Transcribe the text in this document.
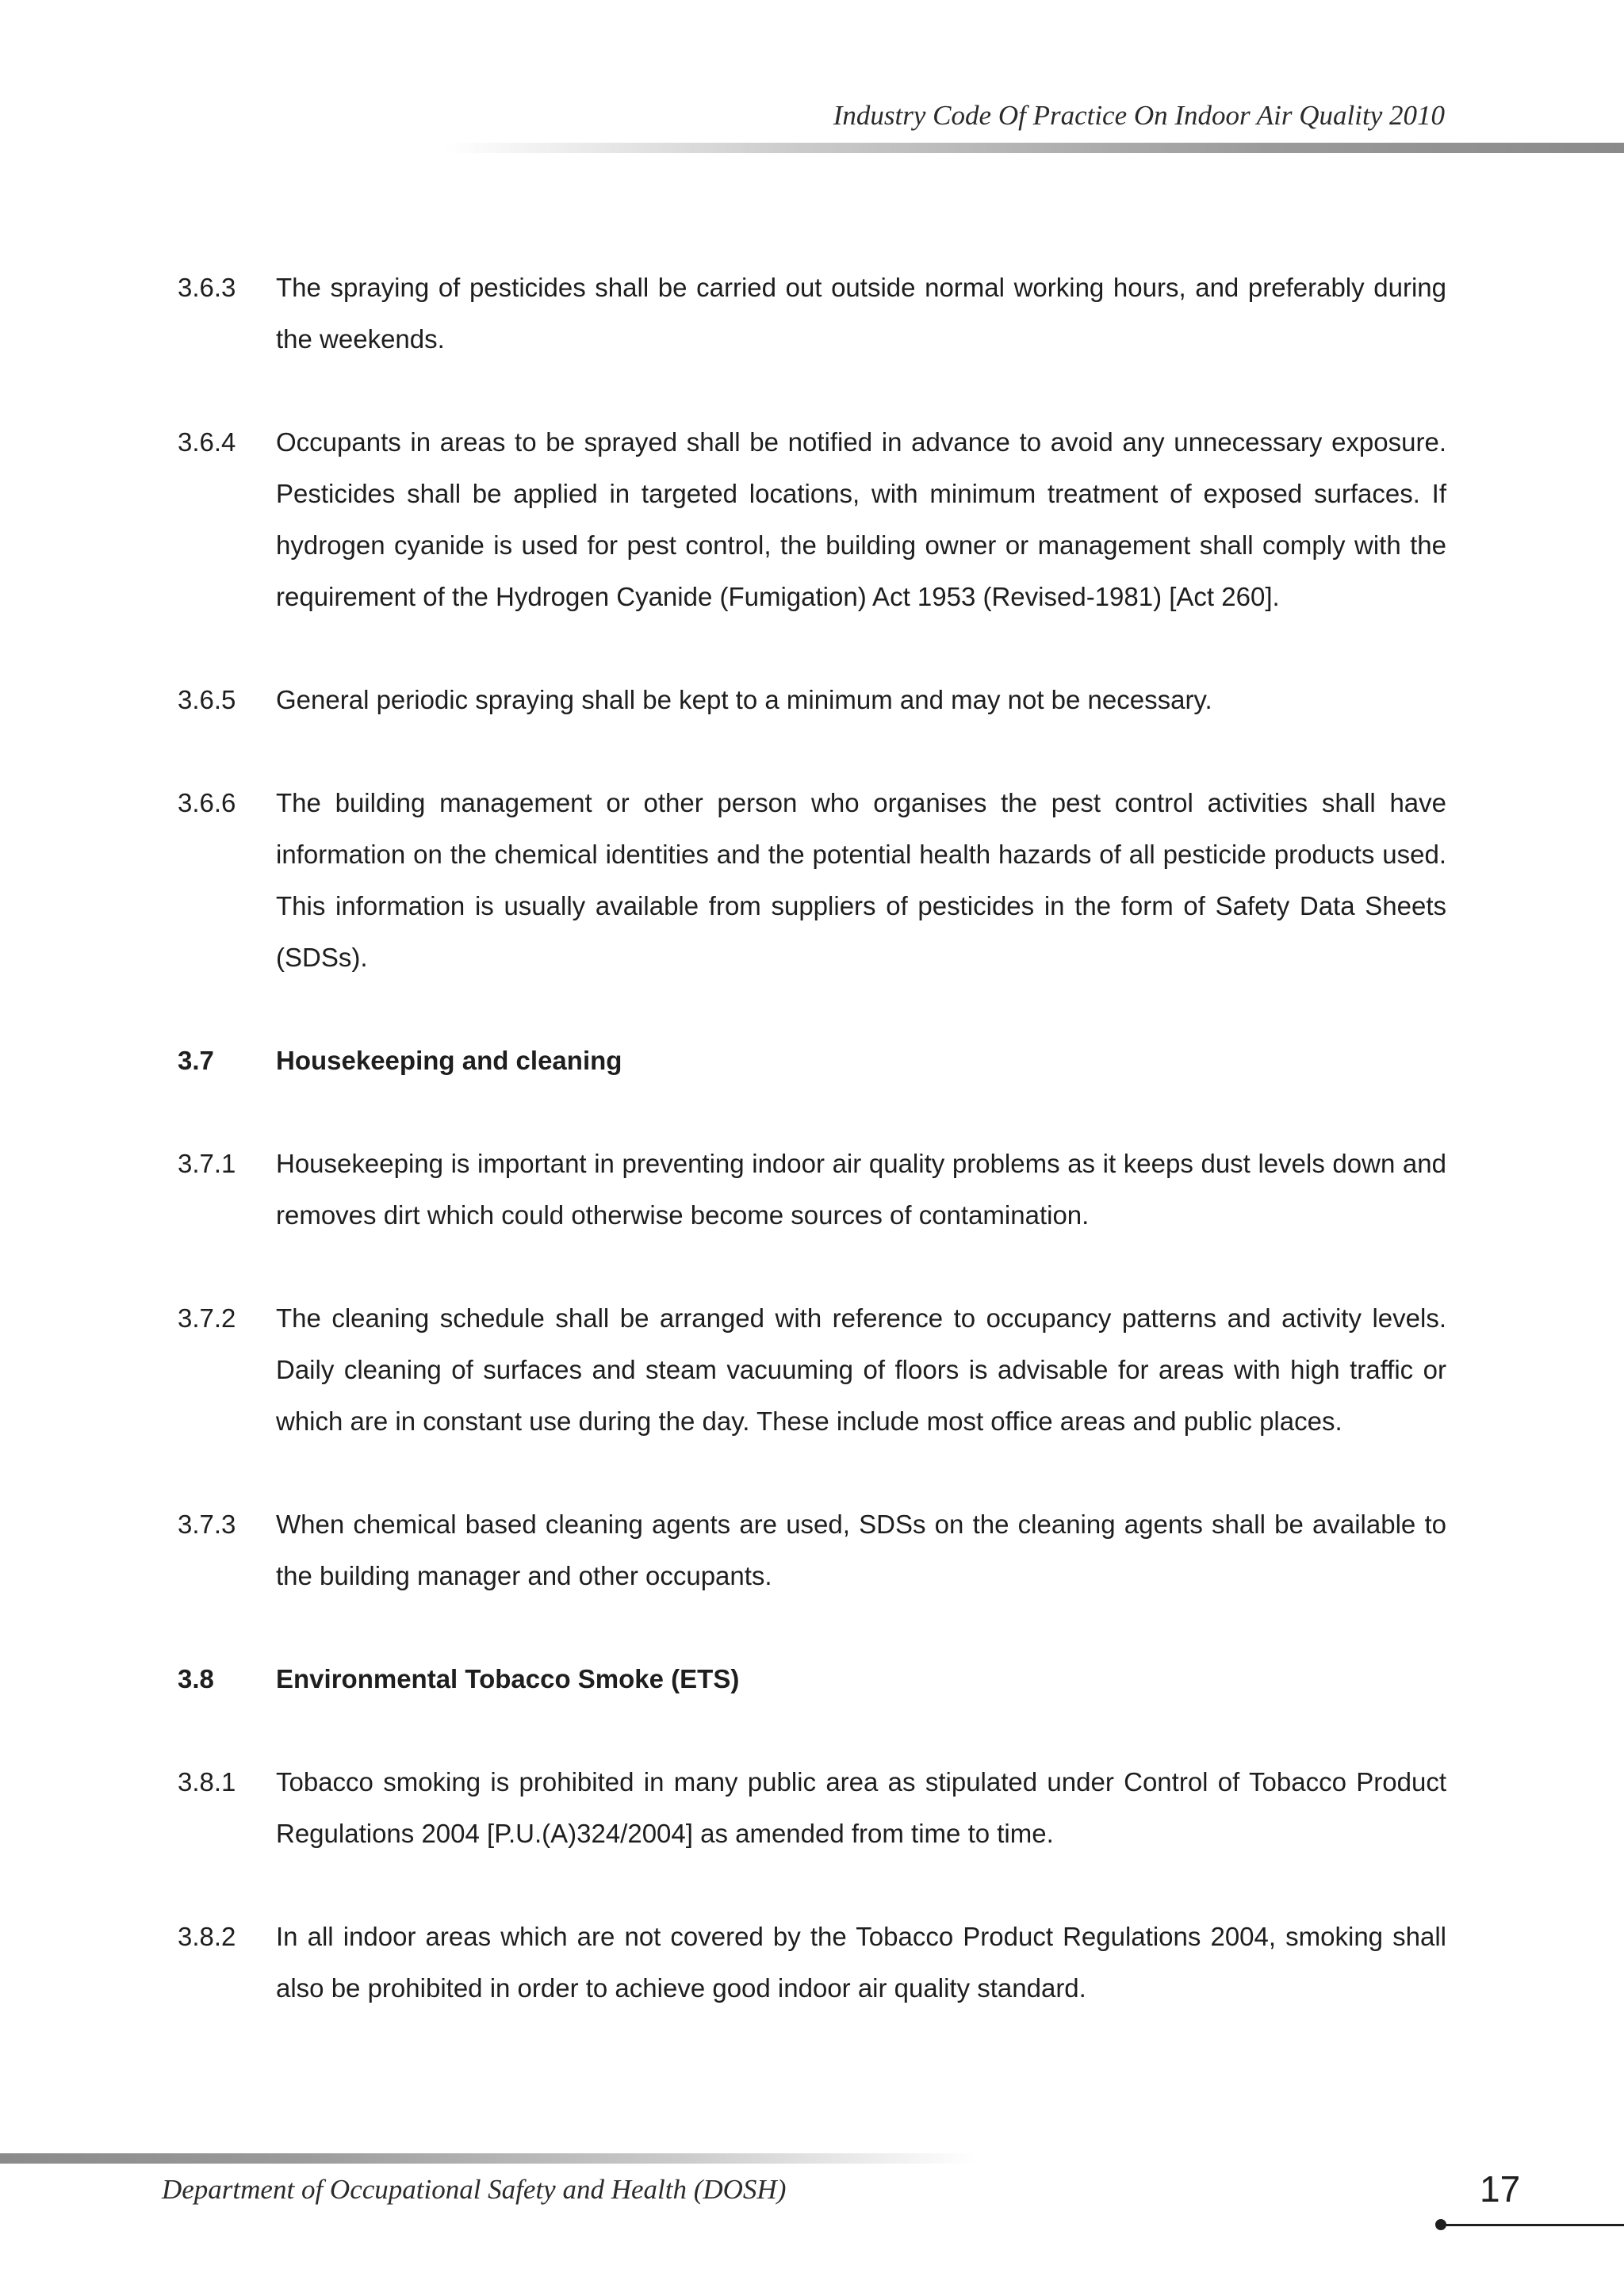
Industry Code Of Practice On Indoor Air Quality 2010
3.6.3	The spraying of pesticides shall be carried out outside normal working hours, and preferably during the weekends.
3.6.4	Occupants in areas to be sprayed shall be notified in advance to avoid any unnecessary exposure. Pesticides shall be applied in targeted locations, with minimum treatment of exposed surfaces. If hydrogen cyanide is used for pest control, the building owner or management shall comply with the requirement of the Hydrogen Cyanide (Fumigation) Act 1953 (Revised-1981) [Act 260].
3.6.5	General periodic spraying shall be kept to a minimum and may not be necessary.
3.6.6	The building management or other person who organises the pest control activities shall have information on the chemical identities and the potential health hazards of all pesticide products used. This information is usually available from suppliers of pesticides in the form of Safety Data Sheets (SDSs).
3.7	Housekeeping and cleaning
3.7.1	Housekeeping is important in preventing indoor air quality problems as it keeps dust levels down and removes dirt which could otherwise become sources of contamination.
3.7.2	The cleaning schedule shall be arranged with reference to occupancy patterns and activity levels. Daily cleaning of surfaces and steam vacuuming of floors is advisable for areas with high traffic or which are in constant use during the day. These include most office areas and public places.
3.7.3	When chemical based cleaning agents are used, SDSs on the cleaning agents shall be available to the building manager and other occupants.
3.8	Environmental Tobacco Smoke (ETS)
3.8.1	Tobacco smoking is prohibited in many public area as stipulated under Control of Tobacco Product Regulations 2004 [P.U.(A)324/2004] as amended from time to time.
3.8.2	In all indoor areas which are not covered by the Tobacco Product Regulations 2004, smoking shall also be prohibited in order to achieve good indoor air quality standard.
Department of Occupational Safety and Health (DOSH)	17
